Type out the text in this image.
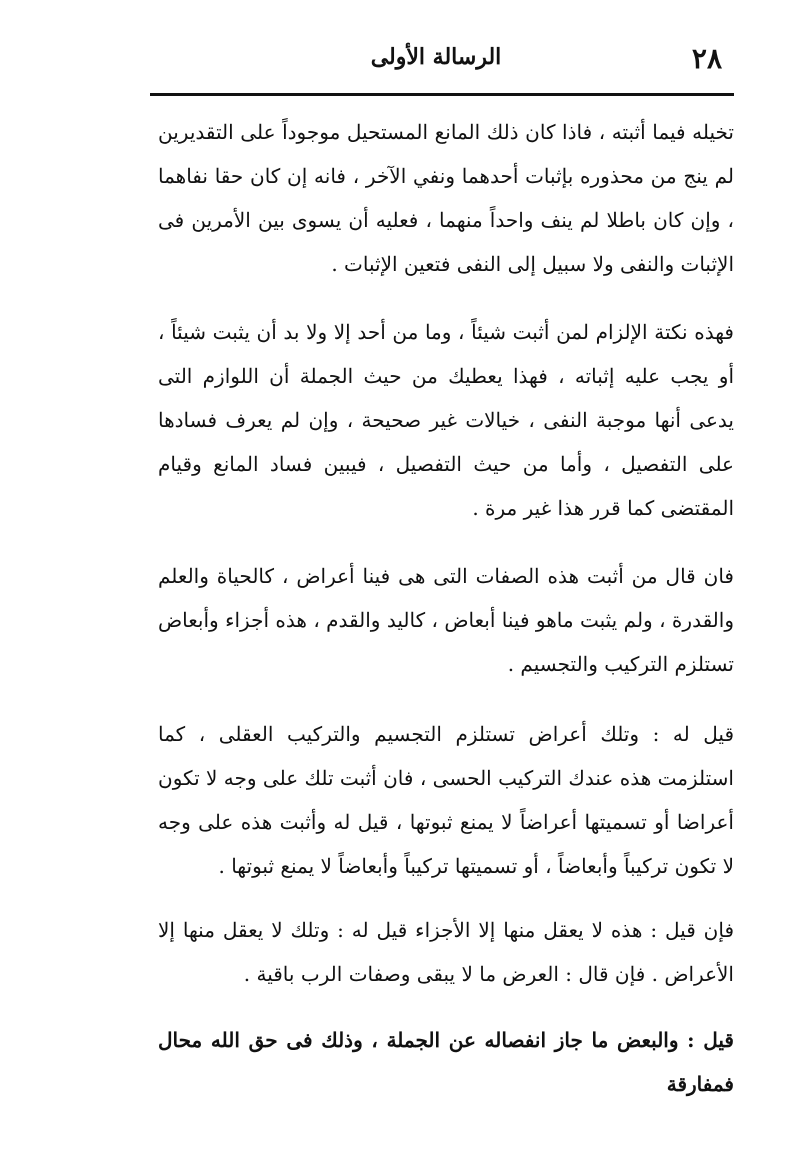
٢٨
الرسالة الأولى

تخيله فيما أثبته ، فاذا كان ذلك المانع المستحيل موجوداً على التقديرين لم ينج من محذوره بإثبات أحدهما ونفي الآخر ، فانه إن كان حقا نفاهما ، وإن كان باطلا لم ينف واحداً منهما ، فعليه أن يسوى بين الأمرين فى الإثبات والنفى ولا سبيل إلى النفى فتعين الإثبات .

فهذه نكتة الإلزام لمن أثبت شيئاً ، وما من أحد إلا ولا بد أن يثبت شيئاً ، أو يجب عليه إثباته ، فهذا يعطيك من حيث الجملة أن اللوازم التى يدعى أنها موجبة النفى ، خيالات غير صحيحة ، وإن لم يعرف فسادها على التفصيل ، وأما من حيث التفصيل ، فيبين فساد المانع وقيام المقتضى كما قرر هذا غير مرة .

فان قال من أثبت هذه الصفات التى هى فينا أعراض ، كالحياة والعلم والقدرة ، ولم يثبت ماهو فينا أبعاض ، كاليد والقدم ، هذه أجزاء وأبعاض تستلزم التركيب والتجسيم .

قيل له : وتلك أعراض تستلزم التجسيم والتركيب العقلى ، كما استلزمت هذه عندك التركيب الحسى ، فان أثبت تلك على وجه لا تكون أعراضا أو تسميتها أعراضاً لا يمنع ثبوتها ، قيل له وأثبت هذه على وجه لا تكون تركيباً وأبعاضاً ، أو تسميتها تركيباً وأبعاضاً لا يمنع ثبوتها .

فإن قيل : هذه لا يعقل منها إلا الأجزاء قيل له : وتلك لا يعقل منها إلا الأعراض . فإن قال : العرض ما لا يبقى وصفات الرب باقية .

قيل : والبعض ما جاز انفصاله عن الجملة ، وذلك فى حق الله محال فمفارقة
